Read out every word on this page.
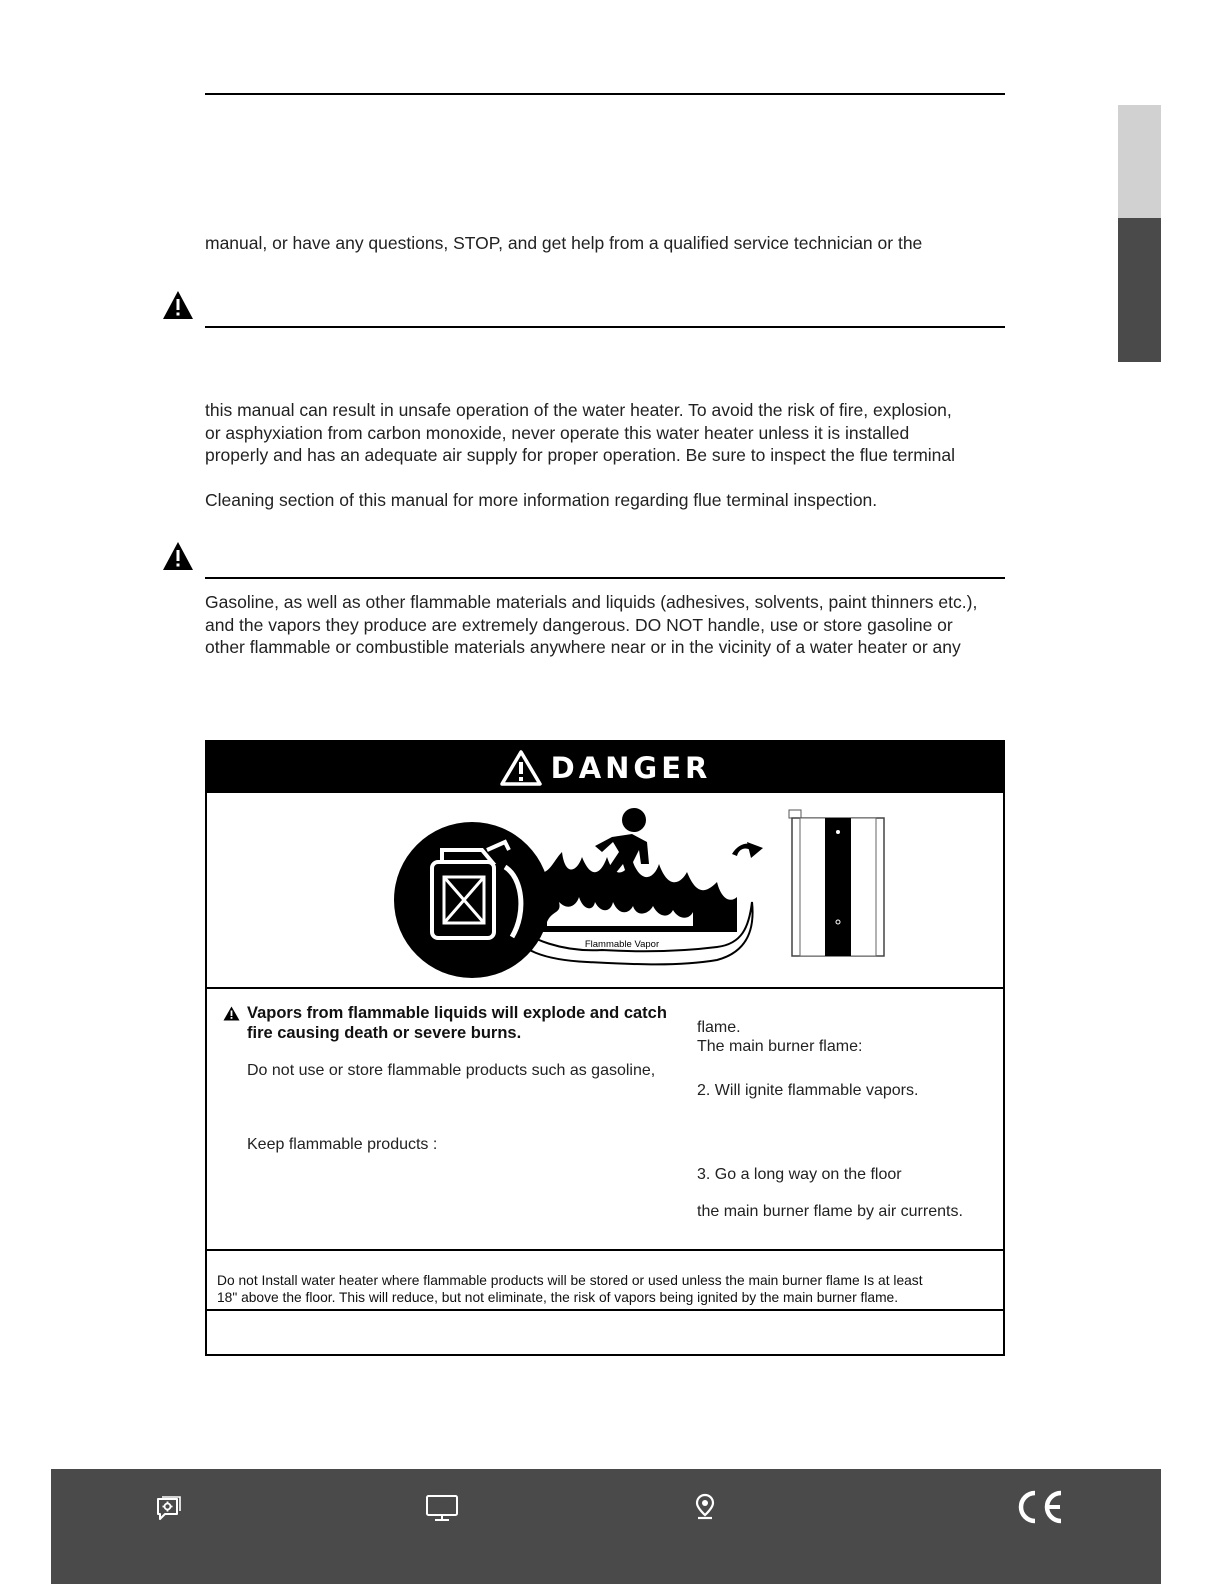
manual, or have any questions, STOP, and get help from a qualified service technician or the

this manual can result in unsafe operation of the water heater. To avoid the risk of fire, explosion,

or asphyxiation from carbon monoxide, never operate this water heater unless it is installed

properly and has an adequate air supply for proper operation. Be sure to inspect the flue terminal

Cleaning section of this manual for more information regarding flue terminal inspection.

Gasoline, as well as other flammable materials and liquids (adhesives, solvents, paint thinners etc.),

and the vapors they produce are extremely dangerous. DO NOT handle, use or store gasoline or

other flammable or combustible materials anywhere near or in the vicinity of a water heater or any

DANGER
Flammable Vapor
Vapors from flammable liquids will explode and catch
fire causing death or severe burns.
Do not use or store flammable products such as gasoline,
Keep flammable products :
flame.
The main burner flame:
2. Will ignite flammable vapors.
3. Go a long way on the floor
the main burner flame by air currents.

Do not Install water heater where flammable products will be stored or used unless the main burner flame Is at least

18" above the floor. This will reduce, but not eliminate, the risk of vapors being ignited by the main burner flame.
